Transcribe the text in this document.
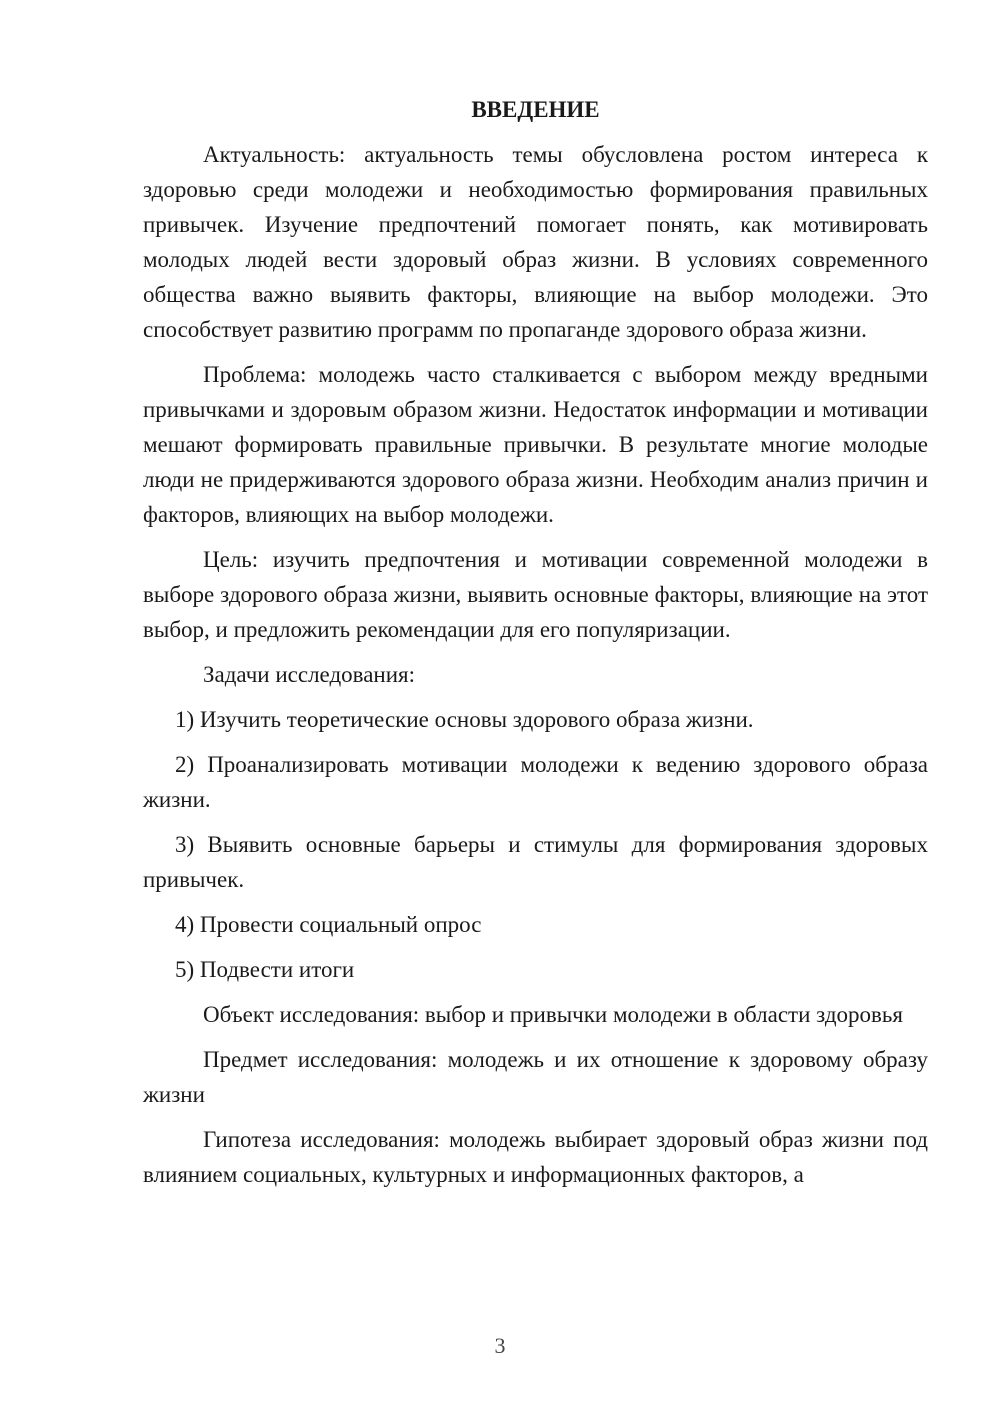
ВВЕДЕНИЕ

Актуальность: актуальность темы обусловлена ростом интереса к здоровью среди молодежи и необходимостью формирования правильных привычек. Изучение предпочтений помогает понять, как мотивировать молодых людей вести здоровый образ жизни. В условиях современного общества важно выявить факторы, влияющие на выбор молодежи. Это способствует развитию программ по пропаганде здорового образа жизни.

Проблема: молодежь часто сталкивается с выбором между вредными привычками и здоровым образом жизни. Недостаток информации и мотивации мешают формировать правильные привычки. В результате многие молодые люди не придерживаются здорового образа жизни. Необходим анализ причин и факторов, влияющих на выбор молодежи.

Цель: изучить предпочтения и мотивации современной молодежи в выборе здорового образа жизни, выявить основные факторы, влияющие на этот выбор, и предложить рекомендации для его популяризации.

Задачи исследования:

1) Изучить теоретические основы здорового образа жизни.
2) Проанализировать мотивации молодежи к ведению здорового образа жизни.
3) Выявить основные барьеры и стимулы для формирования здоровых привычек.
4) Провести социальный опрос
5) Подвести итоги

Объект исследования: выбор и привычки молодежи в области здоровья

Предмет исследования: молодежь и их отношение к здоровому образу жизни

Гипотеза исследования: молодежь выбирает здоровый образ жизни под влиянием социальных, культурных и информационных факторов, а

3
